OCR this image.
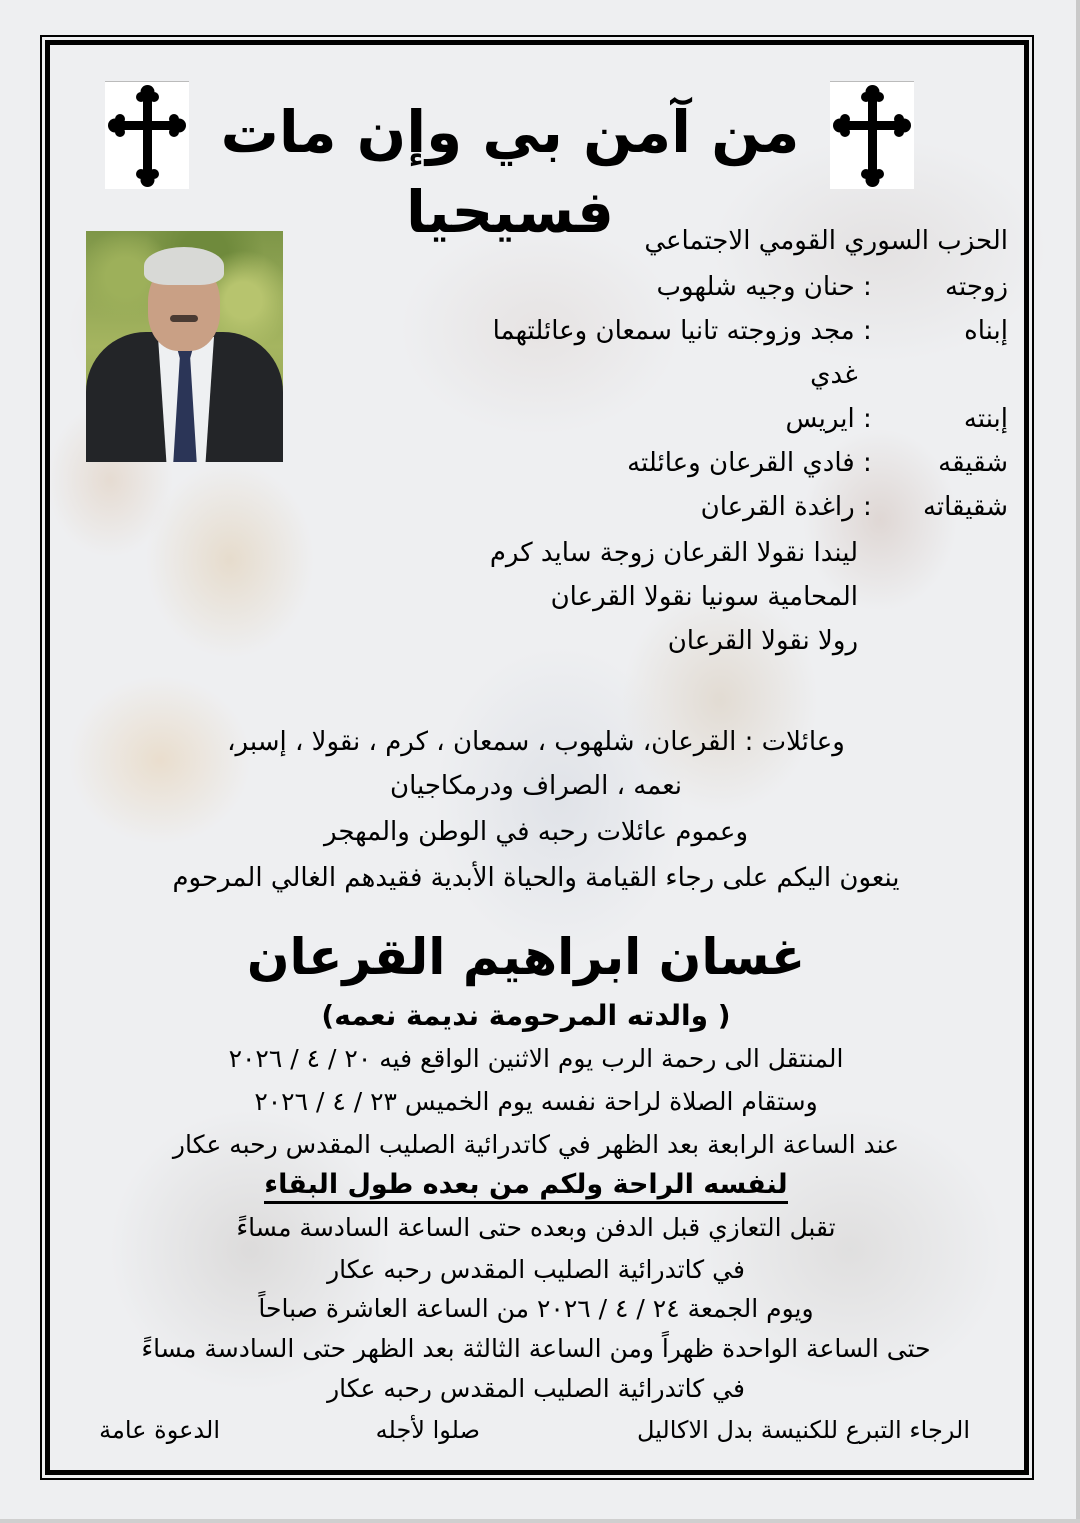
من آمن بي وإن مات فسيحيا	الحزب السوري القومي الاجتماعي
زوجته : حنان وجيه شلهوب
إبناه : مجد وزوجته تانيا سمعان وعائلتهما
غدي
إبنته : ايريس
شقيقه : فادي القرعان وعائلته
شقيقاته : راغدة القرعان
ليندا نقولا القرعان زوجة سايد كرم
المحامية سونيا نقولا القرعان
رولا نقولا القرعان
وعائلات : القرعان، شلهوب ، سمعان ، كرم ، نقولا ، إسبر،
نعمه ، الصراف ودرمكاجيان
وعموم عائلات رحبه في الوطن والمهجر
ينعون اليكم على رجاء القيامة والحياة الأبدية فقيدهم الغالي المرحوم
غسان ابراهيم القرعان
( والدته المرحومة نديمة نعمه)
المنتقل الى رحمة الرب يوم الاثنين الواقع فيه ٢٠ / ٤ / ٢٠٢٦
وستقام الصلاة لراحة نفسه يوم الخميس ٢٣ / ٤ / ٢٠٢٦
عند الساعة الرابعة بعد الظهر في كاتدرائية الصليب المقدس رحبه عكار
لنفسه الراحة ولكم من بعده طول البقاء
تقبل التعازي قبل الدفن وبعده حتى الساعة السادسة مساءً
في كاتدرائية الصليب المقدس رحبه عكار
ويوم الجمعة ٢٤ / ٤ / ٢٠٢٦ من الساعة العاشرة صباحاً
حتى الساعة الواحدة ظهراً ومن الساعة الثالثة بعد الظهر حتى السادسة مساءً
في كاتدرائية الصليب المقدس رحبه عكار
الرجاء التبرع للكنيسة بدل الاكاليل
صلوا لأجله
الدعوة عامة
